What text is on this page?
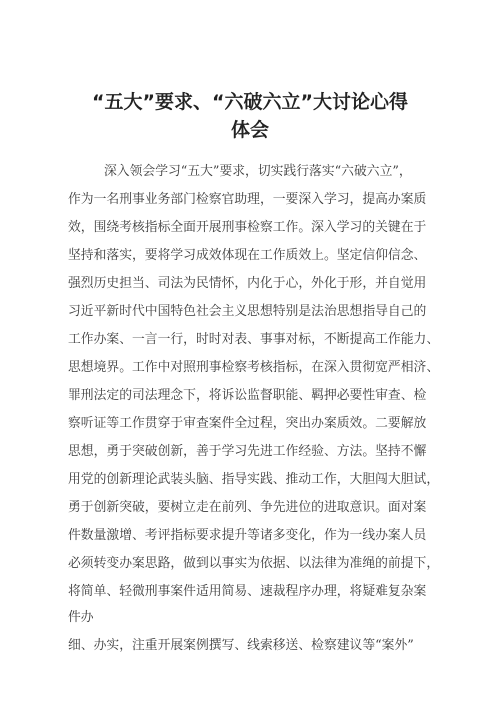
“五大”要求、“六破六立”大讨论心得
体会

深入领会学习“五大”要求，切实践行落实“六破六立”，

作为一名刑事业务部门检察官助理，一要深入学习，提高办案质

效，围绕考核指标全面开展刑事检察工作。深入学习的关键在于

坚持和落实，要将学习成效体现在工作质效上。坚定信仰信念、

强烈历史担当、司法为民情怀，内化于心，外化于形，并自觉用

习近平新时代中国特色社会主义思想特别是法治思想指导自己的

工作办案、一言一行，时时对表、事事对标，不断提高工作能力、

思想境界。工作中对照刑事检察考核指标，在深入贯彻宽严相济、

罪刑法定的司法理念下，将诉讼监督职能、羁押必要性审查、检

察听证等工作贯穿于审查案件全过程，突出办案质效。二要解放

思想，勇于突破创新，善于学习先进工作经验、方法。坚持不懈

用党的创新理论武装头脑、指导实践、推动工作，大胆闯大胆试，

勇于创新突破，要树立走在前列、争先进位的进取意识。面对案

件数量激增、考评指标要求提升等诸多变化，作为一线办案人员

必须转变办案思路，做到以事实为依据、以法律为准绳的前提下，

将简单、轻微刑事案件适用简易、速裁程序办理，将疑难复杂案

件办

细、办实，注重开展案例撰写、线索移送、检察建议等“案外”
